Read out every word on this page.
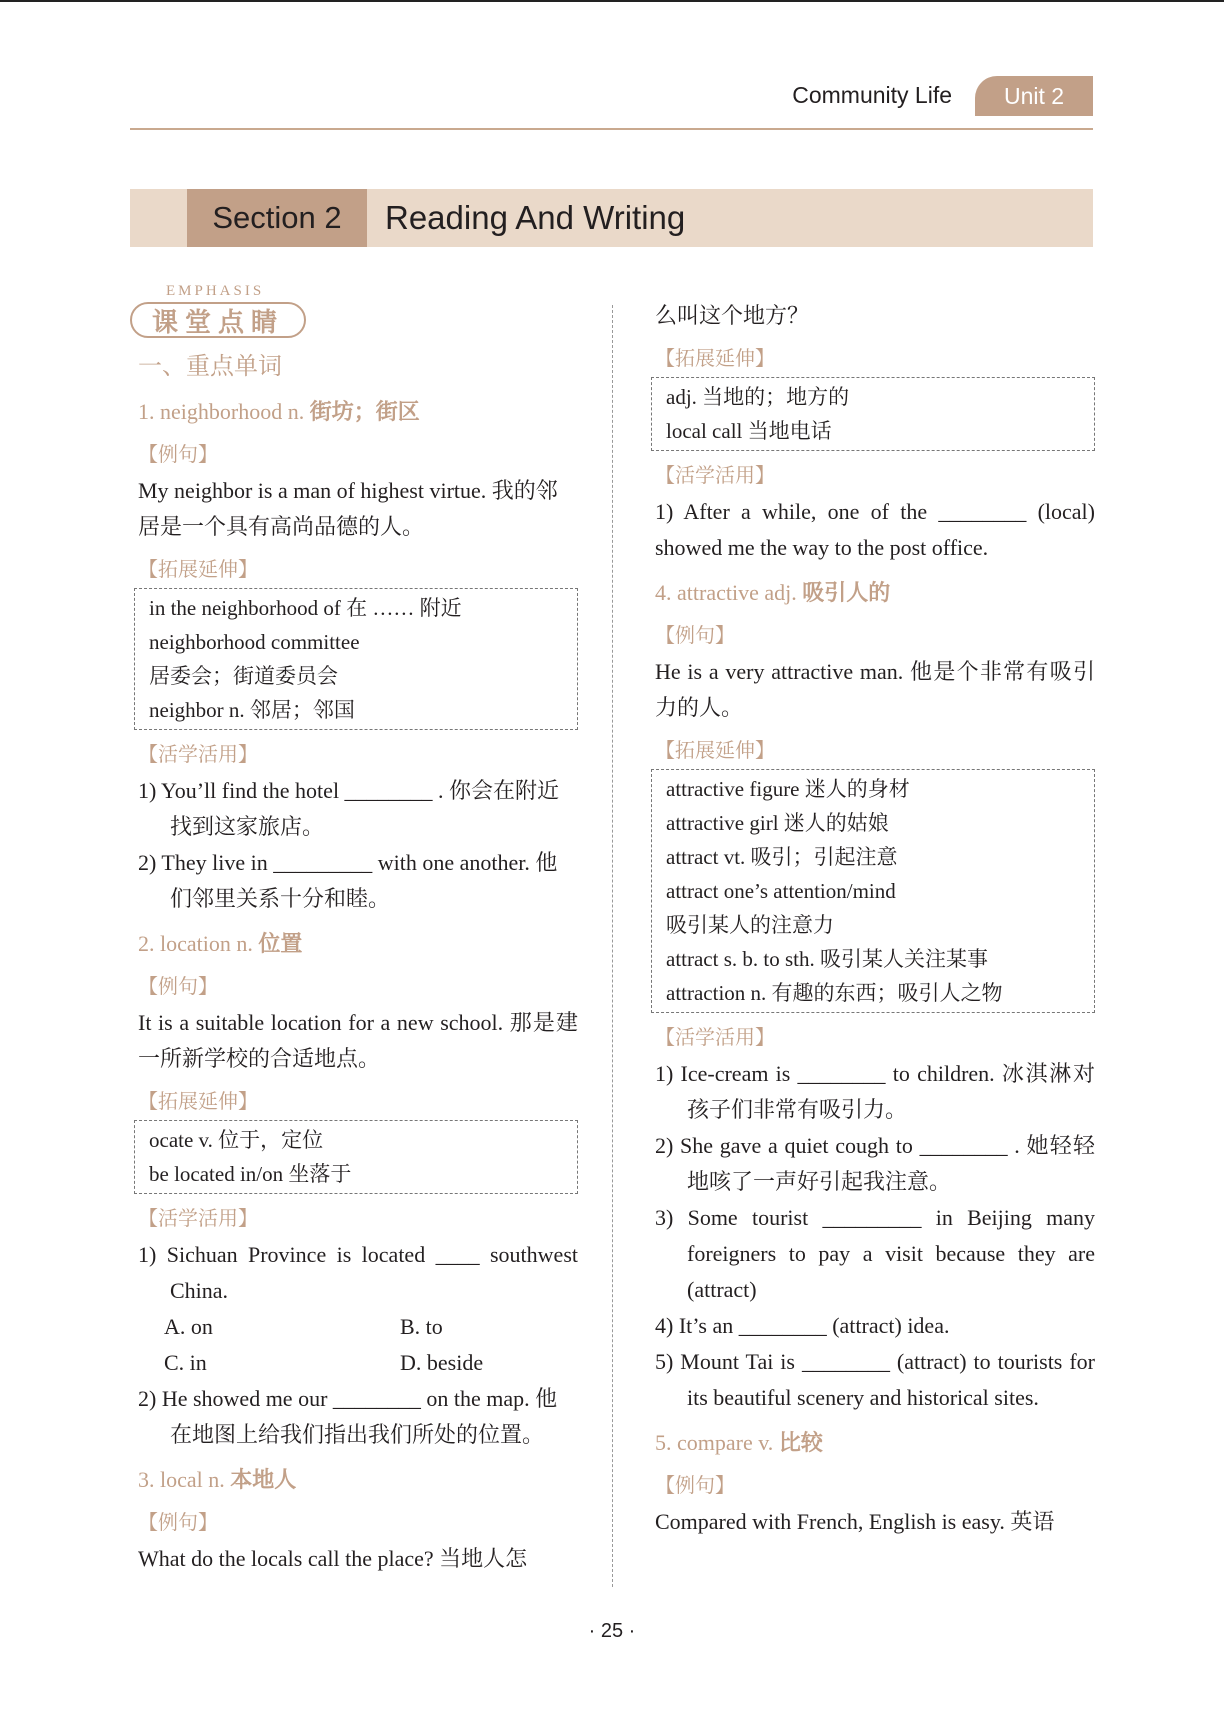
Community Life	Unit 2
Section 2	Reading And Writing
EMPHASIS
课堂点睛
一、重点单词
1. neighborhood n. 街坊；街区
【例句】

My neighbor is a man of highest virtue. 我的邻居是一个具有高尚品德的人。

【拓展延伸】
in the neighborhood of 在 …… 附近
neighborhood committee
居委会；街道委员会
neighbor n. 邻居；邻国
【活学活用】

1) You’ll find the hotel ________ . 你会在附近找到这家旅店。

2) They live in _________ with one another. 他们邻里关系十分和睦。

2. location n. 位置
【例句】

It is a suitable location for a new school. 那是建一所新学校的合适地点。

【拓展延伸】
ocate v. 位于，定位
be located in/on 坐落于
【活学活用】

1) Sichuan Province is located ____ southwest China.

A. on	B. to
C. in	D. beside

2) He showed me our ________ on the map. 他在地图上给我们指出我们所处的位置。

3. local n. 本地人
【例句】

What do the locals call the place? 当地人怎

么叫这个地方？

【拓展延伸】
adj. 当地的；地方的
local call 当地电话
【活学活用】

1) After a while, one of the ________ (local) showed me the way to the post office.

4. attractive adj. 吸引人的
【例句】

He is a very attractive man. 他是个非常有吸引力的人。

【拓展延伸】
attractive figure 迷人的身材
attractive girl 迷人的姑娘
attract vt. 吸引；引起注意
attract one’s attention/mind
吸引某人的注意力
attract s. b. to sth. 吸引某人关注某事
attraction n. 有趣的东西；吸引人之物
【活学活用】

1) Ice-cream is ________ to children. 冰淇淋对孩子们非常有吸引力。

2) She gave a quiet cough to ________ . 她轻轻地咳了一声好引起我注意。

3) Some tourist _________ in Beijing many foreigners to pay a visit because they are (attract)

4) It’s an ________ (attract) idea.

5) Mount Tai is ________ (attract) to tourists for its beautiful scenery and historical sites.

5. compare v. 比较
【例句】

Compared with French, English is easy. 英语

· 25 ·
